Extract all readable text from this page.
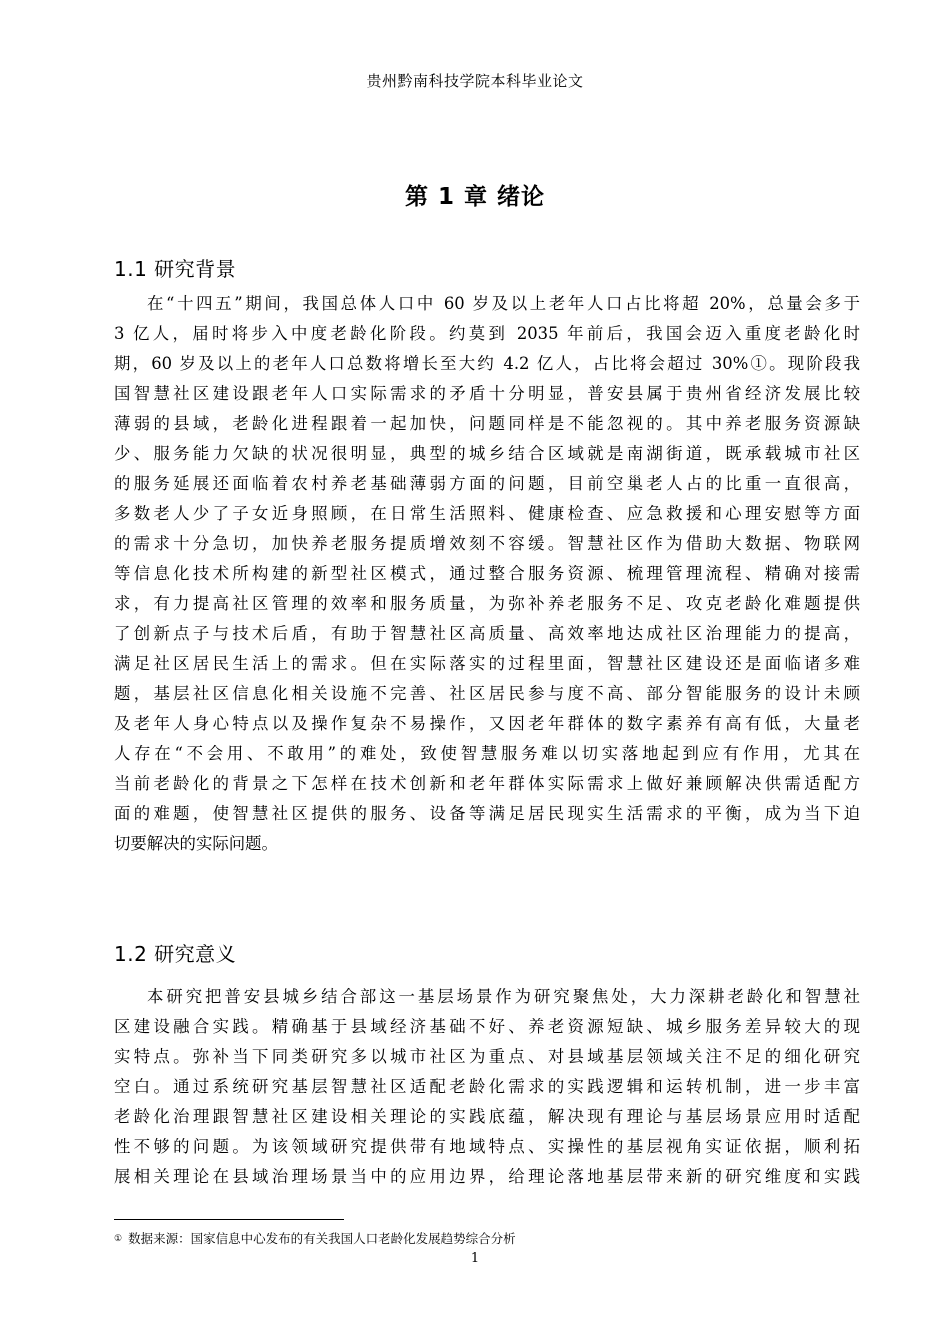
贵州黔南科技学院本科毕业论文
第 1 章 绪论
1.1 研究背景
在“十四五”期间，我国总体人口中 60 岁及以上老年人口占比将超 20%，总量会多于
3 亿人，届时将步入中度老龄化阶段。约莫到 2035 年前后，我国会迈入重度老龄化时
期，60 岁及以上的老年人口总数将增长至大约 4.2 亿人，占比将会超过 30%①。现阶段我
国智慧社区建设跟老年人口实际需求的矛盾十分明显，普安县属于贵州省经济发展比较
薄弱的县域，老龄化进程跟着一起加快，问题同样是不能忽视的。其中养老服务资源缺
少、服务能力欠缺的状况很明显，典型的城乡结合区域就是南湖街道，既承载城市社区
的服务延展还面临着农村养老基础薄弱方面的问题，目前空巢老人占的比重一直很高，
多数老人少了子女近身照顾，在日常生活照料、健康检查、应急救援和心理安慰等方面
的需求十分急切，加快养老服务提质增效刻不容缓。智慧社区作为借助大数据、物联网
等信息化技术所构建的新型社区模式，通过整合服务资源、梳理管理流程、精确对接需
求，有力提高社区管理的效率和服务质量，为弥补养老服务不足、攻克老龄化难题提供
了创新点子与技术后盾，有助于智慧社区高质量、高效率地达成社区治理能力的提高，
满足社区居民生活上的需求。但在实际落实的过程里面，智慧社区建设还是面临诸多难
题，基层社区信息化相关设施不完善、社区居民参与度不高、部分智能服务的设计未顾
及老年人身心特点以及操作复杂不易操作，又因老年群体的数字素养有高有低，大量老
人存在“不会用、不敢用”的难处，致使智慧服务难以切实落地起到应有作用，尤其在
当前老龄化的背景之下怎样在技术创新和老年群体实际需求上做好兼顾解决供需适配方
面的难题，使智慧社区提供的服务、设备等满足居民现实生活需求的平衡，成为当下迫
切要解决的实际问题。
1.2 研究意义
本研究把普安县城乡结合部这一基层场景作为研究聚焦处，大力深耕老龄化和智慧社
区建设融合实践。精确基于县域经济基础不好、养老资源短缺、城乡服务差异较大的现
实特点。弥补当下同类研究多以城市社区为重点、对县域基层领域关注不足的细化研究
空白。通过系统研究基层智慧社区适配老龄化需求的实践逻辑和运转机制，进一步丰富
老龄化治理跟智慧社区建设相关理论的实践底蕴，解决现有理论与基层场景应用时适配
性不够的问题。为该领域研究提供带有地域特点、实操性的基层视角实证依据，顺利拓
展相关理论在县域治理场景当中的应用边界，给理论落地基层带来新的研究维度和实践
① 数据来源：国家信息中心发布的有关我国人口老龄化发展趋势综合分析
1
